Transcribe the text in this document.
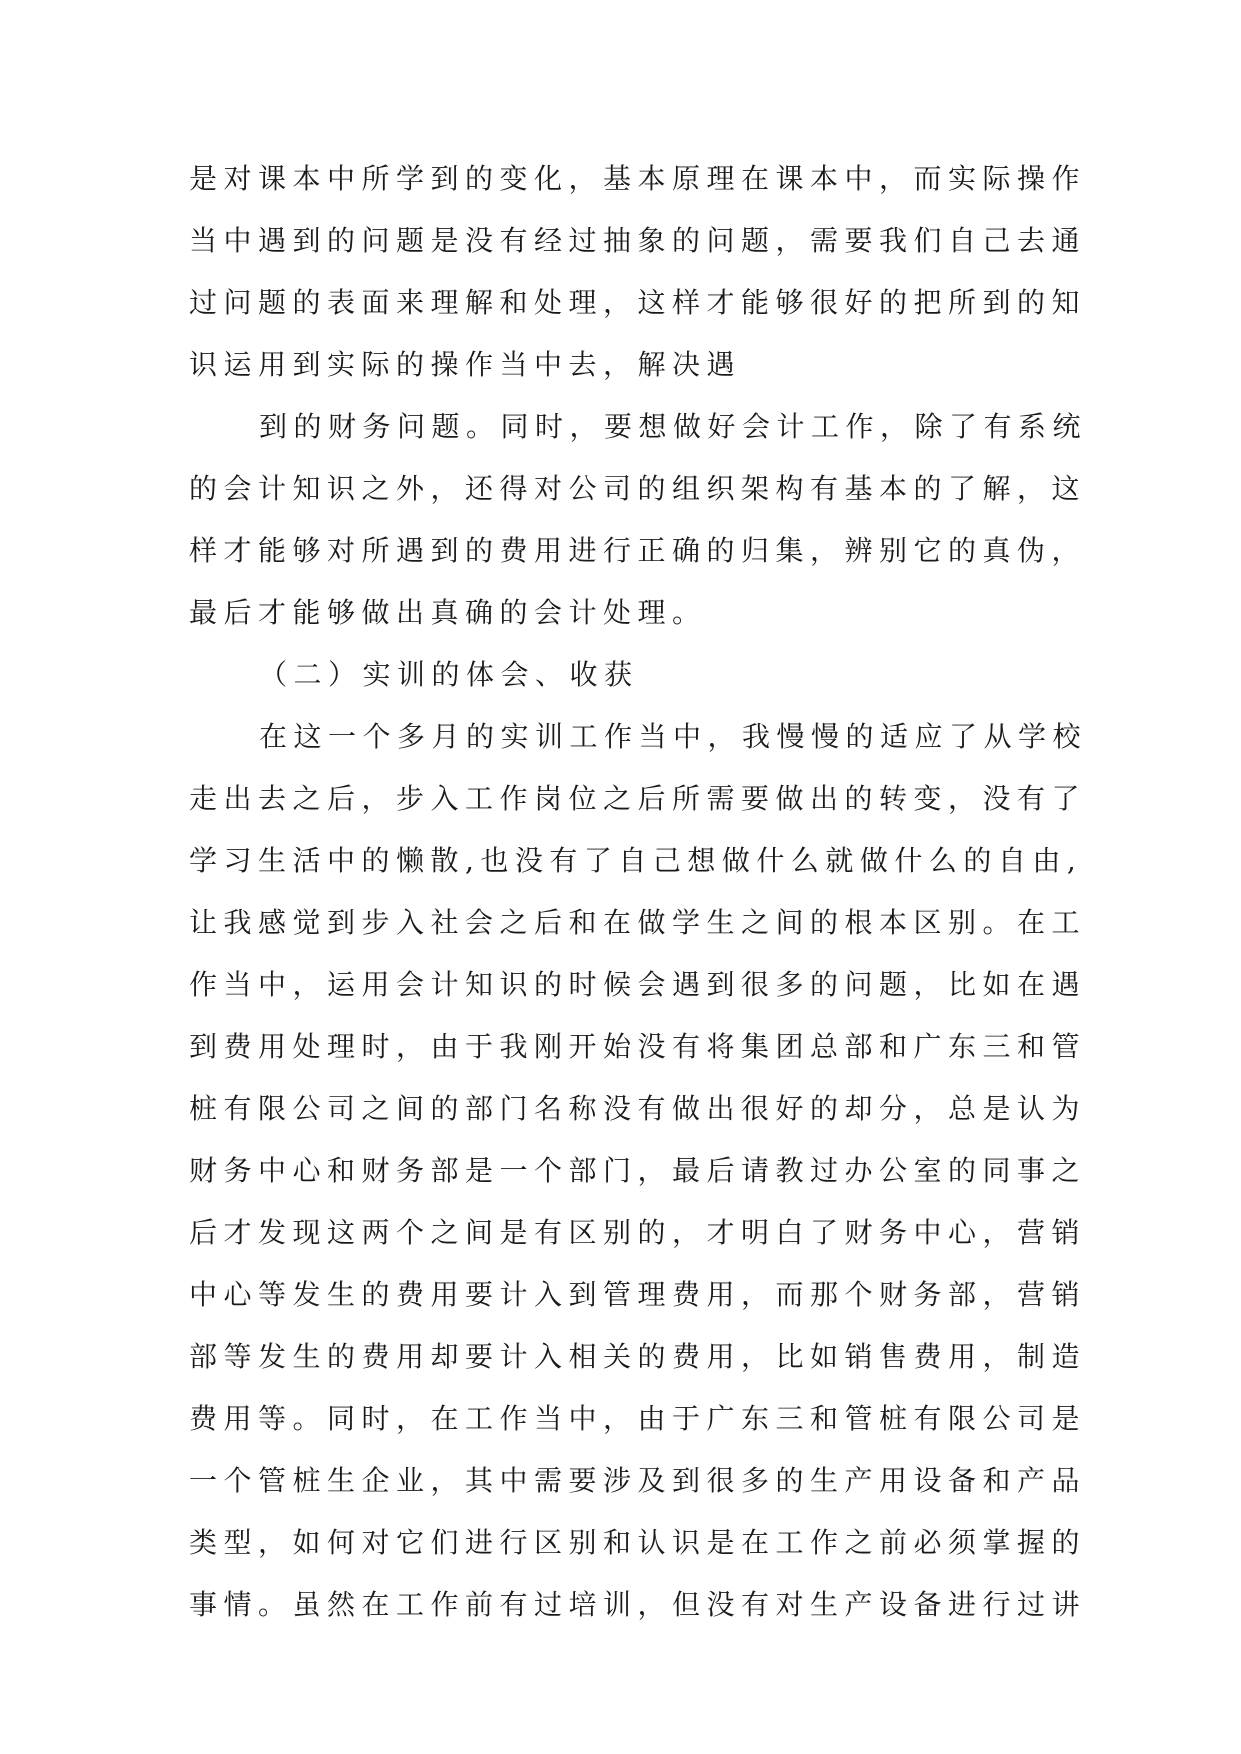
是对课本中所学到的变化，基本原理在课本中，而实际操作
当中遇到的问题是没有经过抽象的问题，需要我们自己去通
过问题的表面来理解和处理，这样才能够很好的把所到的知
识运用到实际的操作当中去，解决遇
到的财务问题。同时，要想做好会计工作，除了有系统
的会计知识之外，还得对公司的组织架构有基本的了解，这
样才能够对所遇到的费用进行正确的归集，辨别它的真伪，
最后才能够做出真确的会计处理。
（二）实训的体会、收获
在这一个多月的实训工作当中，我慢慢的适应了从学校
走出去之后，步入工作岗位之后所需要做出的转变，没有了
学习生活中的懒散,也没有了自己想做什么就做什么的自由,
让我感觉到步入社会之后和在做学生之间的根本区别。在工
作当中，运用会计知识的时候会遇到很多的问题，比如在遇
到费用处理时，由于我刚开始没有将集团总部和广东三和管
桩有限公司之间的部门名称没有做出很好的却分，总是认为
财务中心和财务部是一个部门，最后请教过办公室的同事之
后才发现这两个之间是有区别的，才明白了财务中心，营销
中心等发生的费用要计入到管理费用，而那个财务部，营销
部等发生的费用却要计入相关的费用，比如销售费用，制造
费用等。同时，在工作当中，由于广东三和管桩有限公司是
一个管桩生企业，其中需要涉及到很多的生产用设备和产品
类型，如何对它们进行区别和认识是在工作之前必须掌握的
事情。虽然在工作前有过培训，但没有对生产设备进行过讲
